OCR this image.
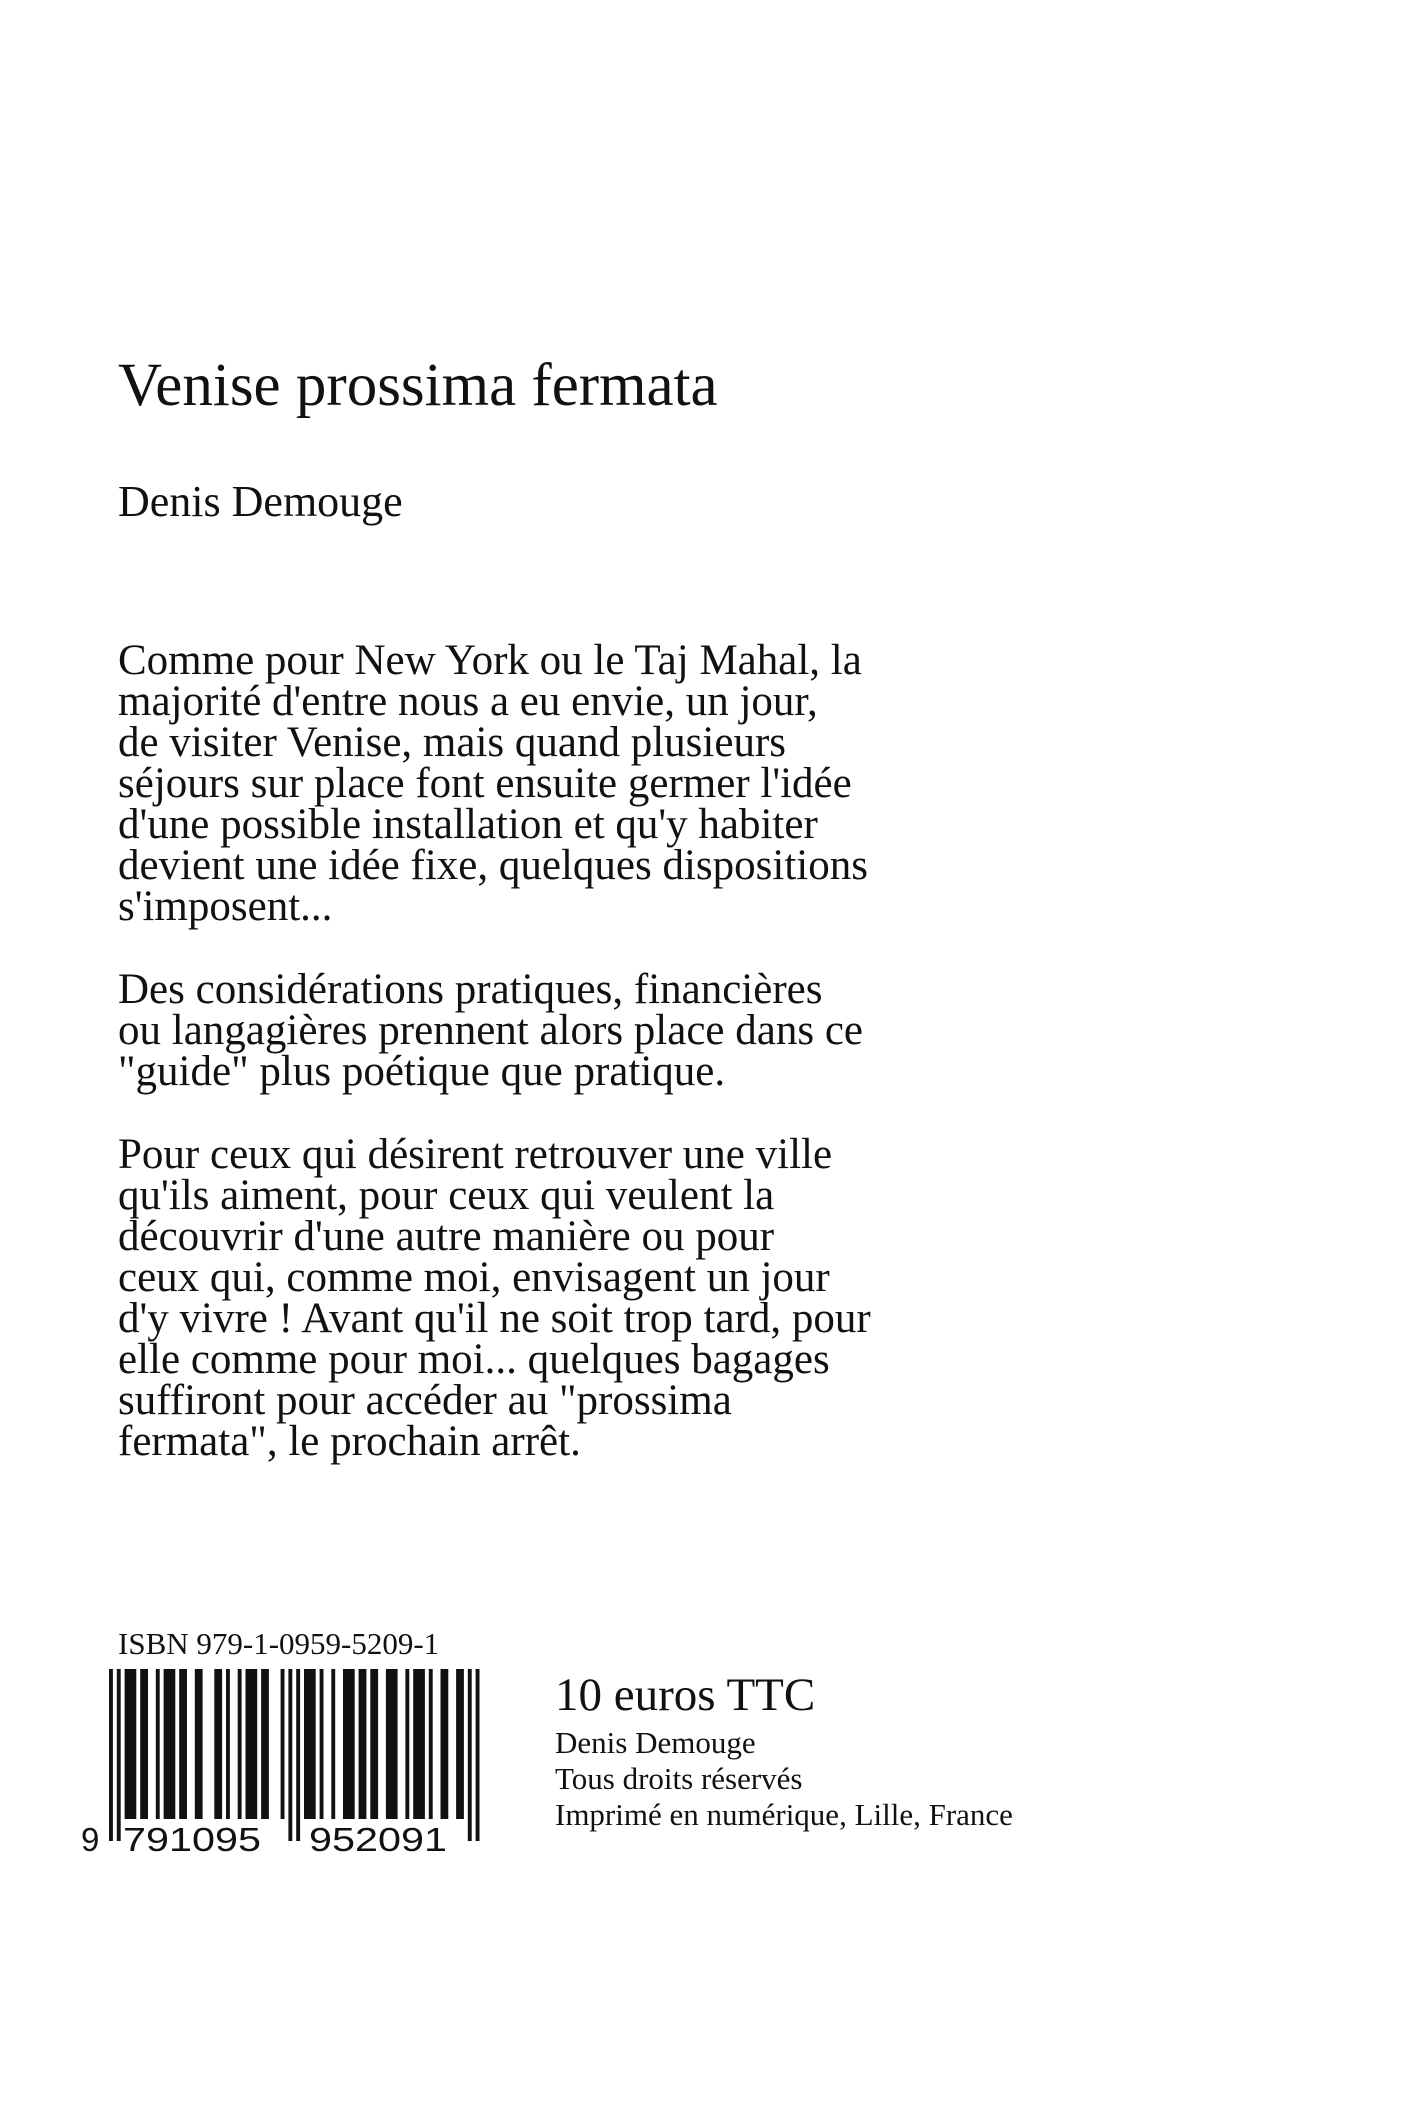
Venise prossima fermata
Denis Demouge

Comme pour New York ou le Taj Mahal, la
majorité d'entre nous a eu envie, un jour,
de visiter Venise, mais quand plusieurs
séjours sur place font ensuite germer l'idée
d'une possible installation et qu'y habiter
devient une idée fixe, quelques dispositions
s'imposent...

Des considérations pratiques, financières
ou langagières prennent alors place dans ce
"guide" plus poétique que pratique.

Pour ceux qui désirent retrouver une ville
qu'ils aiment, pour ceux qui veulent la
découvrir d'une autre manière ou pour
ceux qui, comme moi, envisagent un jour
d'y vivre ! Avant qu'il ne soit trop tard, pour
elle comme pour moi... quelques bagages
suffiront pour accéder au "prossima
fermata", le prochain arrêt.

ISBN 979-1-0959-5209-1
9 791095 952091
10 euros TTC
Denis Demouge
Tous droits réservés
Imprimé en numérique, Lille, France
